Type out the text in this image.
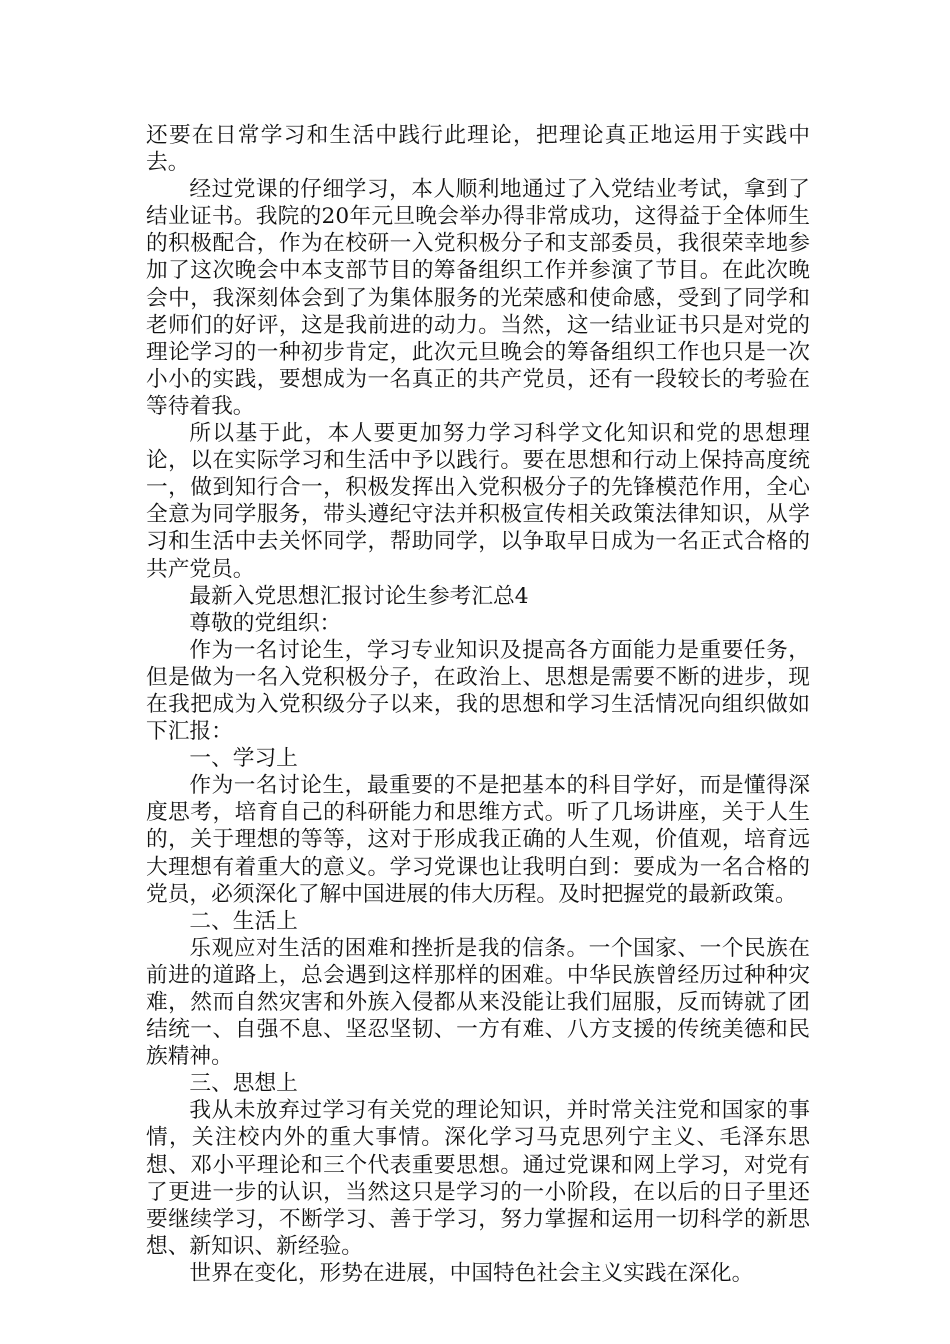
还要在日常学习和生活中践行此理论，把理论真正地运用于实践中去。

经过党课的仔细学习，本人顺利地通过了入党结业考试，拿到了结业证书。我院的20年元旦晚会举办得非常成功，这得益于全体师生的积极配合，作为在校研一入党积极分子和支部委员，我很荣幸地参加了这次晚会中本支部节目的筹备组织工作并参演了节目。在此次晚会中，我深刻体会到了为集体服务的光荣感和使命感，受到了同学和老师们的好评，这是我前进的动力。当然，这一结业证书只是对党的理论学习的一种初步肯定，此次元旦晚会的筹备组织工作也只是一次小小的实践，要想成为一名真正的共产党员，还有一段较长的考验在等待着我。

所以基于此，本人要更加努力学习科学文化知识和党的思想理论，以在实际学习和生活中予以践行。要在思想和行动上保持高度统一，做到知行合一，积极发挥出入党积极分子的先锋模范作用，全心全意为同学服务，带头遵纪守法并积极宣传相关政策法律知识，从学习和生活中去关怀同学，帮助同学，以争取早日成为一名正式合格的共产党员。

最新入党思想汇报讨论生参考汇总4

尊敬的党组织：

作为一名讨论生，学习专业知识及提高各方面能力是重要任务，但是做为一名入党积极分子，在政治上、思想是需要不断的进步，现在我把成为入党积级分子以来，我的思想和学习生活情况向组织做如下汇报：

一、学习上

作为一名讨论生，最重要的不是把基本的科目学好，而是懂得深度思考，培育自己的科研能力和思维方式。听了几场讲座，关于人生的，关于理想的等等，这对于形成我正确的人生观，价值观，培育远大理想有着重大的意义。学习党课也让我明白到：要成为一名合格的党员，必须深化了解中国进展的伟大历程。及时把握党的最新政策。

二、生活上

乐观应对生活的困难和挫折是我的信条。一个国家、一个民族在前进的道路上，总会遇到这样那样的困难。中华民族曾经历过种种灾难，然而自然灾害和外族入侵都从来没能让我们屈服，反而铸就了团结统一、自强不息、坚忍坚韧、一方有难、八方支援的传统美德和民族精神。

三、思想上

我从未放弃过学习有关党的理论知识，并时常关注党和国家的事情，关注校内外的重大事情。深化学习马克思列宁主义、毛泽东思想、邓小平理论和三个代表重要思想。通过党课和网上学习，对党有了更进一步的认识，当然这只是学习的一小阶段，在以后的日子里还要继续学习，不断学习、善于学习，努力掌握和运用一切科学的新思想、新知识、新经验。

世界在变化，形势在进展，中国特色社会主义实践在深化。
